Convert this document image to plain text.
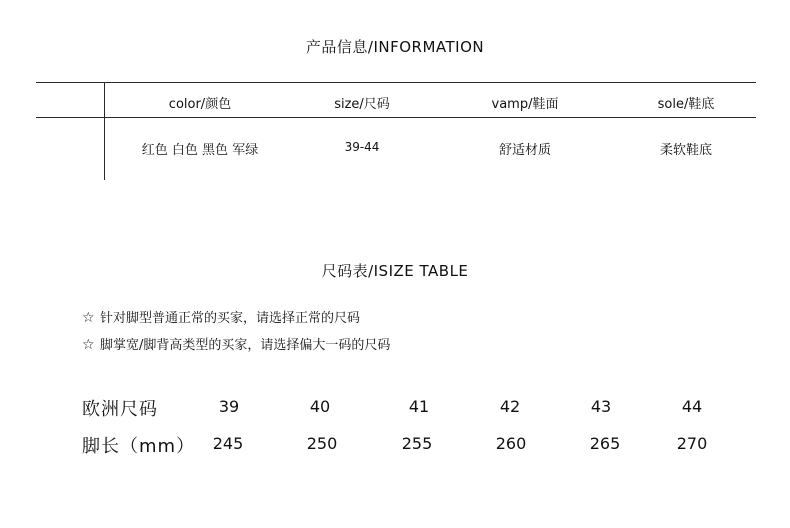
产品信息/INFORMATION
color/颜色	size/尺码	vamp/鞋面	sole/鞋底
红色 白色 黑色 军绿	39-44	舒适材质	柔软鞋底
尺码表/ISIZE TABLE
☆ 针对脚型普通正常的买家，请选择正常的尺码
☆ 脚掌宽/脚背高类型的买家，请选择偏大一码的尺码
欧洲尺码	39	40	41	42	43	44
脚长（mm） 245	250	255	260	265	270
